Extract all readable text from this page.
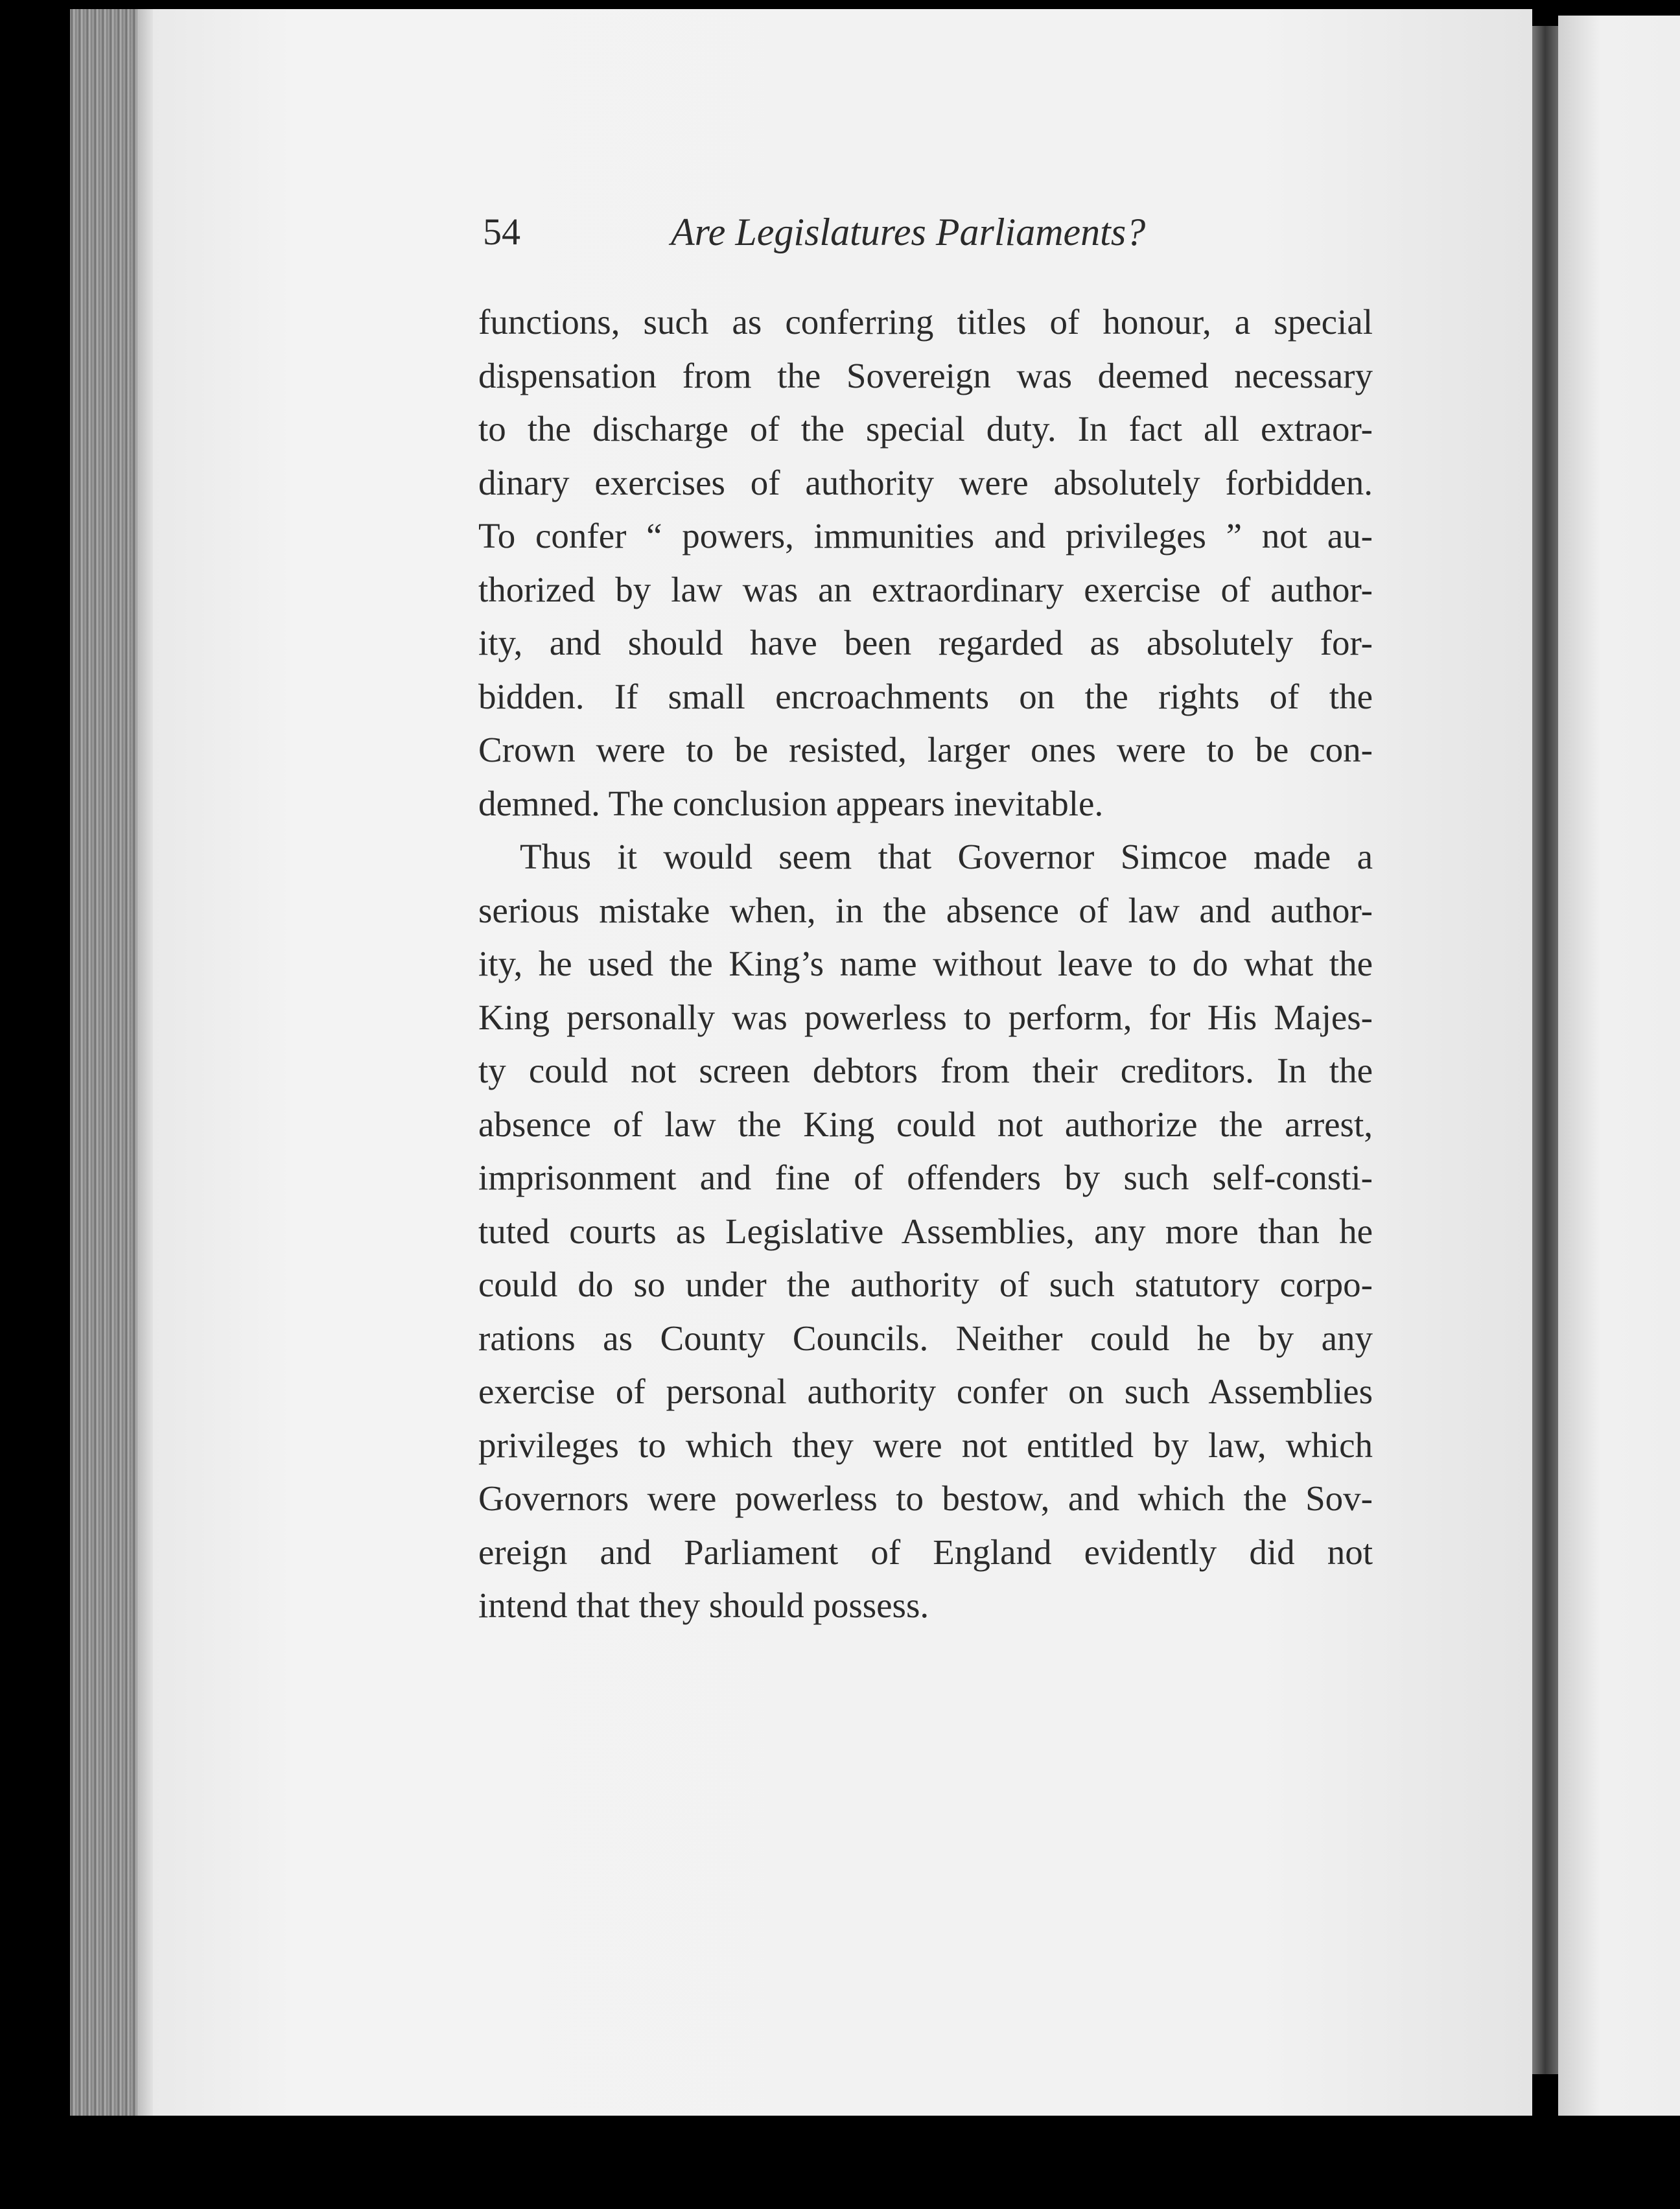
54	Are Legislatures Parliaments?
functions, such as conferring titles of honour, a special
dispensation from the Sovereign was deemed necessary
to the discharge of the special duty. In fact all extraor-
dinary exercises of authority were absolutely forbidden.
To confer “ powers, immunities and privileges ” not au-
thorized by law was an extraordinary exercise of author-
ity, and should have been regarded as absolutely for-
bidden. If small encroachments on the rights of the
Crown were to be resisted, larger ones were to be con-
demned. The conclusion appears inevitable.
Thus it would seem that Governor Simcoe made a
serious mistake when, in the absence of law and author-
ity, he used the King’s name without leave to do what the
King personally was powerless to perform, for His Majes-
ty could not screen debtors from their creditors. In the
absence of law the King could not authorize the arrest,
imprisonment and fine of offenders by such self-consti-
tuted courts as Legislative Assemblies, any more than he
could do so under the authority of such statutory corpo-
rations as County Councils. Neither could he by any
exercise of personal authority confer on such Assemblies
privileges to which they were not entitled by law, which
Governors were powerless to bestow, and which the Sov-
ereign and Parliament of England evidently did not
intend that they should possess.
